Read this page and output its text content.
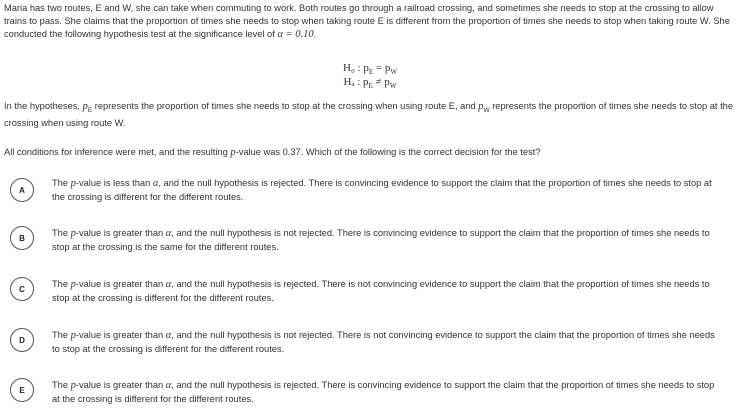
Maria has two routes, E and W, she can take when commuting to work. Both routes go through a railroad crossing, and sometimes she needs to stop at the crossing to allow trains to pass. She claims that the proportion of times she needs to stop when taking route E is different from the proportion of times she needs to stop when taking route W. She conducted the following hypothesis test at the significance level of α = 0.10.
H₀ : $p_E = p_W$
Hₐ : $p_E \ne p_W$
In the hypotheses, $p_E$ represents the proportion of times she needs to stop at the crossing when using route E, and $p_W$ represents the proportion of times she needs to stop at the crossing when using route W.
All conditions for inference were met, and the resulting p-value was 0.37. Which of the following is the correct decision for the test?
A
The p-value is less than α, and the null hypothesis is rejected. There is convincing evidence to support the claim that the proportion of times she needs to stop at the crossing is different for the different routes.
B	The p-value is greater than α, and the null hypothesis is not rejected. There is convincing evidence to support the claim that the proportion of times she needs to stop at the crossing is the same for the different routes.
C	The p-value is greater than α, and the null hypothesis is rejected. There is not convincing evidence to support the claim that the proportion of times she needs to stop at the crossing is different for the different routes.
D	The p-value is greater than α, and the null hypothesis is not rejected. There is not convincing evidence to support the claim that the proportion of times she needs to stop at the crossing is different for the different routes.
E	The p-value is greater than α, and the null hypothesis is rejected. There is convincing evidence to support the claim that the proportion of times she needs to stop at the crossing is different for the different routes.
